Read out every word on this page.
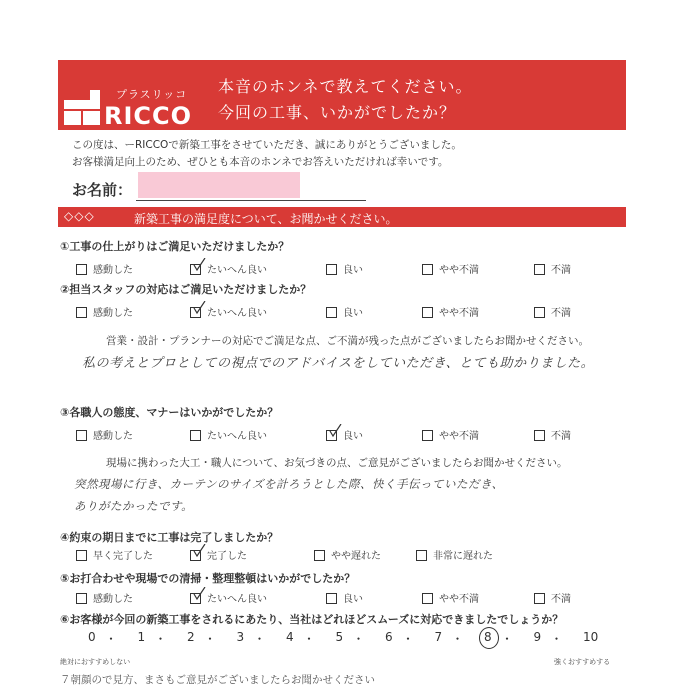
プラスリッコ
RICCO
本音のホンネで教えてください。
今回の工事、いかがでしたか？
この度は、ーRICCOで新築工事をさせていただき、誠にありがとうございました。
お客様満足向上のため、ぜひとも本音のホンネでお答えいただければ幸いです。
お名前：
◇◇◇	新築工事の満足度について、お聞かせください。
①工事の仕上がりはご満足いただけましたか？
感動した	たいへん良い	良い	やや不満	不満
②担当スタッフの対応はご満足いただけましたか？
感動した	たいへん良い	良い	やや不満	不満
営業・設計・プランナーの対応でご満足な点、ご不満が残った点がございましたらお聞かせください。
私の考えとプロとしての視点でのアドバイスをしていただき、とても助かりました。
③各職人の態度、マナーはいかがでしたか？
感動した	たいへん良い	良い	やや不満	不満
現場に携わった大工・職人について、お気づきの点、ご意見がございましたらお聞かせください。
突然現場に行き、カーテンのサイズを計ろうとした際、快く手伝っていただき、
ありがたかったです。
④約束の期日までに工事は完了しましたか？
早く完了した	完了した	やや遅れた	非常に遅れた
⑤お打合わせや現場での清掃・整理整頓はいかがでしたか？
感動した	たいへん良い	良い	やや不満	不満
⑥お客様が今回の新築工事をされるにあたり、当社はどれほどスムーズに対応できましたでしょうか？
0 ・ 1 ・ 2 ・ 3 ・ 4 ・ 5 ・ 6 ・ 7 ・ 8 ・ 9 ・ 10
絶対におすすめしない	強くおすすめする
７朝顔ので見方、まさもご意見がございましたらお聞かせください
